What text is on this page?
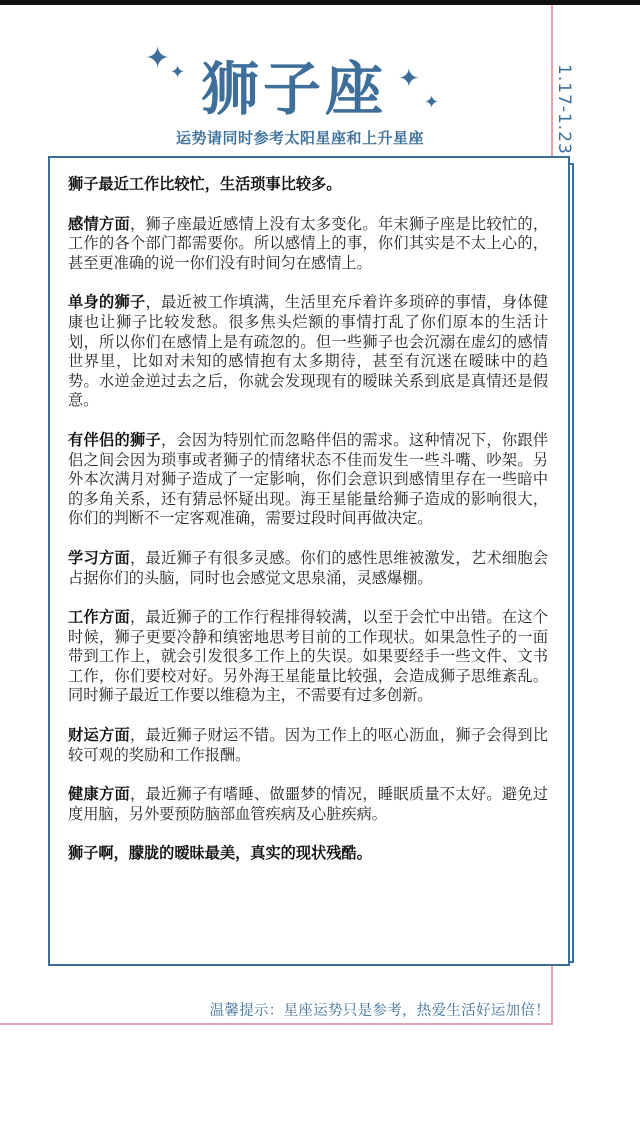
✦ ✦	✦
✦
狮子座
运势请同时参考太阳星座和上升星座	1.17-1.23

狮子最近工作比较忙，生活琐事比较多。

感情方面，狮子座最近感情上没有太多变化。年末狮子座是比较忙的，工作的各个部门都需要你。所以感情上的事，你们其实是不太上心的，甚至更准确的说一你们没有时间匀在感情上。

单身的狮子，最近被工作填满，生活里充斥着许多琐碎的事情，身体健康也让狮子比较发愁。很多焦头烂额的事情打乱了你们原本的生活计划，所以你们在感情上是有疏忽的。但一些狮子也会沉溺在虚幻的感情世界里，比如对未知的感情抱有太多期待，甚至有沉迷在暧昧中的趋势。水逆金逆过去之后，你就会发现现有的暧昧关系到底是真情还是假意。

有伴侣的狮子，会因为特别忙而忽略伴侣的需求。这种情况下，你跟伴侣之间会因为琐事或者狮子的情绪状态不佳而发生一些斗嘴、吵架。另外本次满月对狮子造成了一定影响，你们会意识到感情里存在一些暗中的多角关系，还有猜忌怀疑出现。海王星能量给狮子造成的影响很大，你们的判断不一定客观准确，需要过段时间再做决定。

学习方面，最近狮子有很多灵感。你们的感性思维被激发，艺术细胞会占据你们的头脑，同时也会感觉文思泉涌，灵感爆棚。

工作方面，最近狮子的工作行程排得较满，以至于会忙中出错。在这个时候，狮子更要冷静和缜密地思考目前的工作现状。如果急性子的一面带到工作上，就会引发很多工作上的失误。如果要经手一些文件、文书工作，你们要校对好。另外海王星能量比较强，会造成狮子思维紊乱。同时狮子最近工作要以维稳为主，不需要有过多创新。

财运方面，最近狮子财运不错。因为工作上的呕心沥血，狮子会得到比较可观的奖励和工作报酬。

健康方面，最近狮子有嗜睡、做噩梦的情况，睡眠质量不太好。避免过度用脑，另外要预防脑部血管疾病及心脏疾病。

狮子啊，朦胧的暧昧最美，真实的现状残酷。

温馨提示：星座运势只是参考，热爱生活好运加倍！
